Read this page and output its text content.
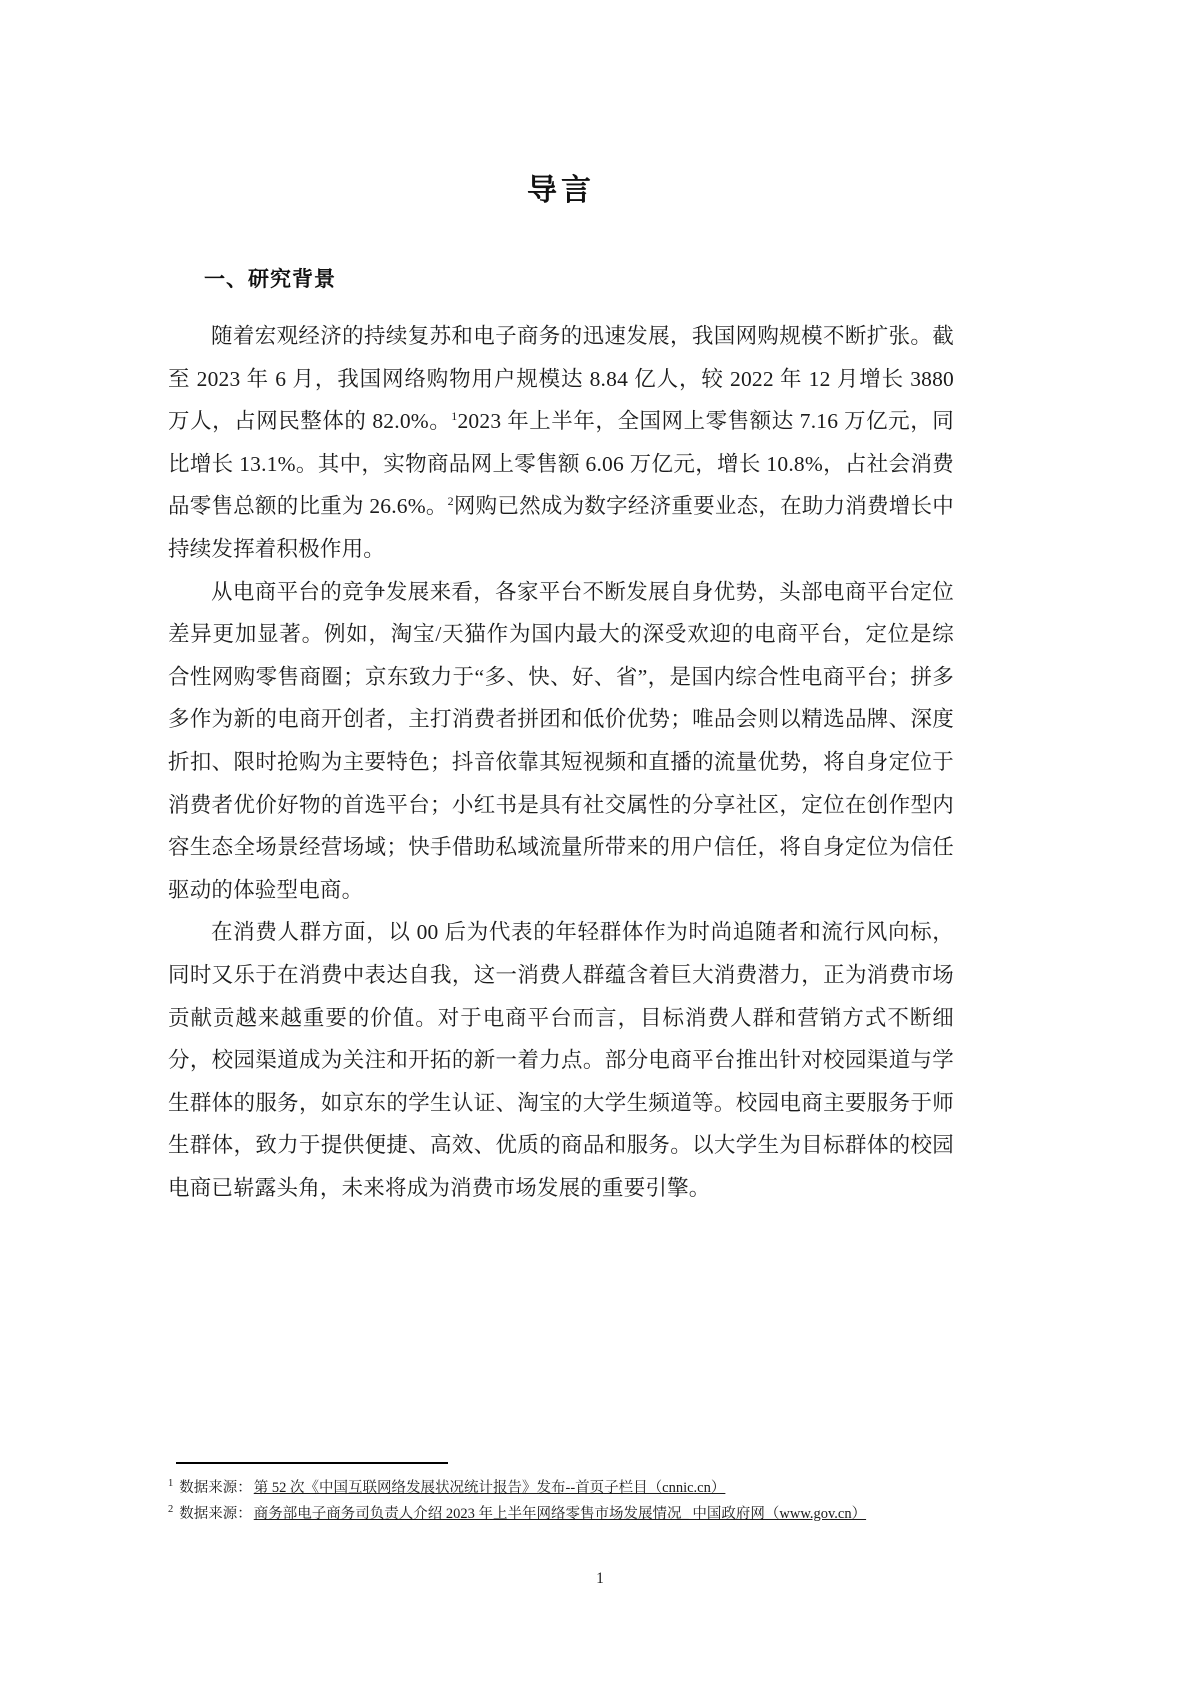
导言
一、研究背景

随着宏观经济的持续复苏和电子商务的迅速发展，我国网购规模不断扩张。截至 2023 年 6 月，我国网络购物用户规模达 8.84 亿人，较 2022 年 12 月增长 3880 万人，占网民整体的 82.0%。$^1$2023 年上半年，全国网上零售额达 7.16 万亿元，同比增长 13.1%。其中，实物商品网上零售额 6.06 万亿元，增长 10.8%，占社会消费品零售总额的比重为 26.6%。$^2$网购已然成为数字经济重要业态，在助力消费增长中持续发挥着积极作用。

从电商平台的竞争发展来看，各家平台不断发展自身优势，头部电商平台定位差异更加显著。例如，淘宝/天猫作为国内最大的深受欢迎的电商平台，定位是综合性网购零售商圈；京东致力于“多、快、好、省”，是国内综合性电商平台；拼多多作为新的电商开创者，主打消费者拼团和低价优势；唯品会则以精选品牌、深度折扣、限时抢购为主要特色；抖音依靠其短视频和直播的流量优势，将自身定位于消费者优价好物的首选平台；小红书是具有社交属性的分享社区，定位在创作型内容生态全场景经营场域；快手借助私域流量所带来的用户信任，将自身定位为信任驱动的体验型电商。

在消费人群方面，以 00 后为代表的年轻群体作为时尚追随者和流行风向标，同时又乐于在消费中表达自我，这一消费人群蕴含着巨大消费潜力，正为消费市场贡献贡越来越重要的价值。对于电商平台而言，目标消费人群和营销方式不断细分，校园渠道成为关注和开拓的新一着力点。部分电商平台推出针对校园渠道与学生群体的服务，如京东的学生认证、淘宝的大学生频道等。校园电商主要服务于师生群体，致力于提供便捷、高效、优质的商品和服务。以大学生为目标群体的校园电商已崭露头角，未来将成为消费市场发展的重要引擎。

$^1$ 数据来源： 第 52 次《中国互联网络发展状况统计报告》发布--首页子栏目（cnnic.cn）

$^2$ 数据来源： 商务部电子商务司负责人介绍 2023 年上半年网络零售市场发展情况_ 中国政府网（www.gov.cn）

1
